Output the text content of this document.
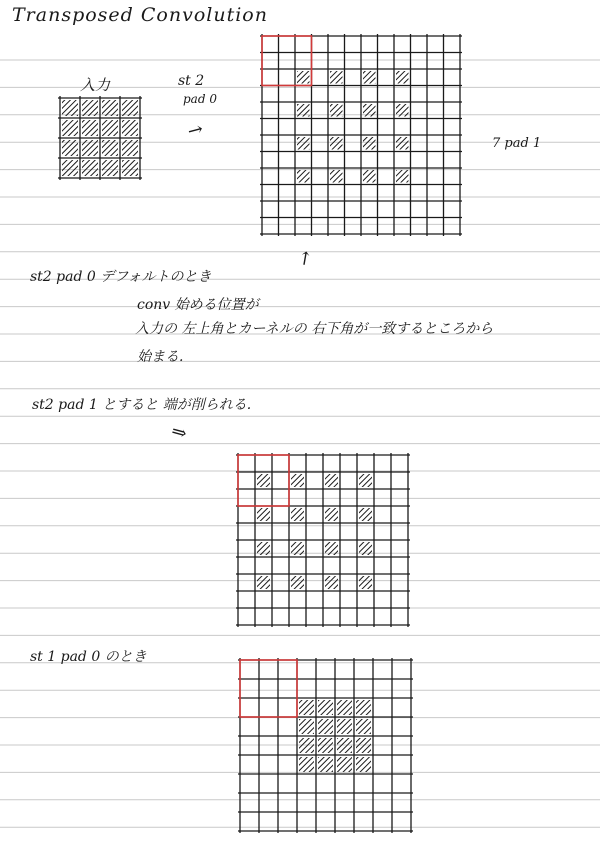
Transposed Convolution
入力	st 2
pad 0
→
7 pad 1
↗
st2 pad 0 デフォルトのとき
conv 始める位置が
入力の 左上角とカーネルの 右下角が一致するところから
始まる.
st2 pad 1 とすると 端が削られる.
⇘
st 1 pad 0 のとき
